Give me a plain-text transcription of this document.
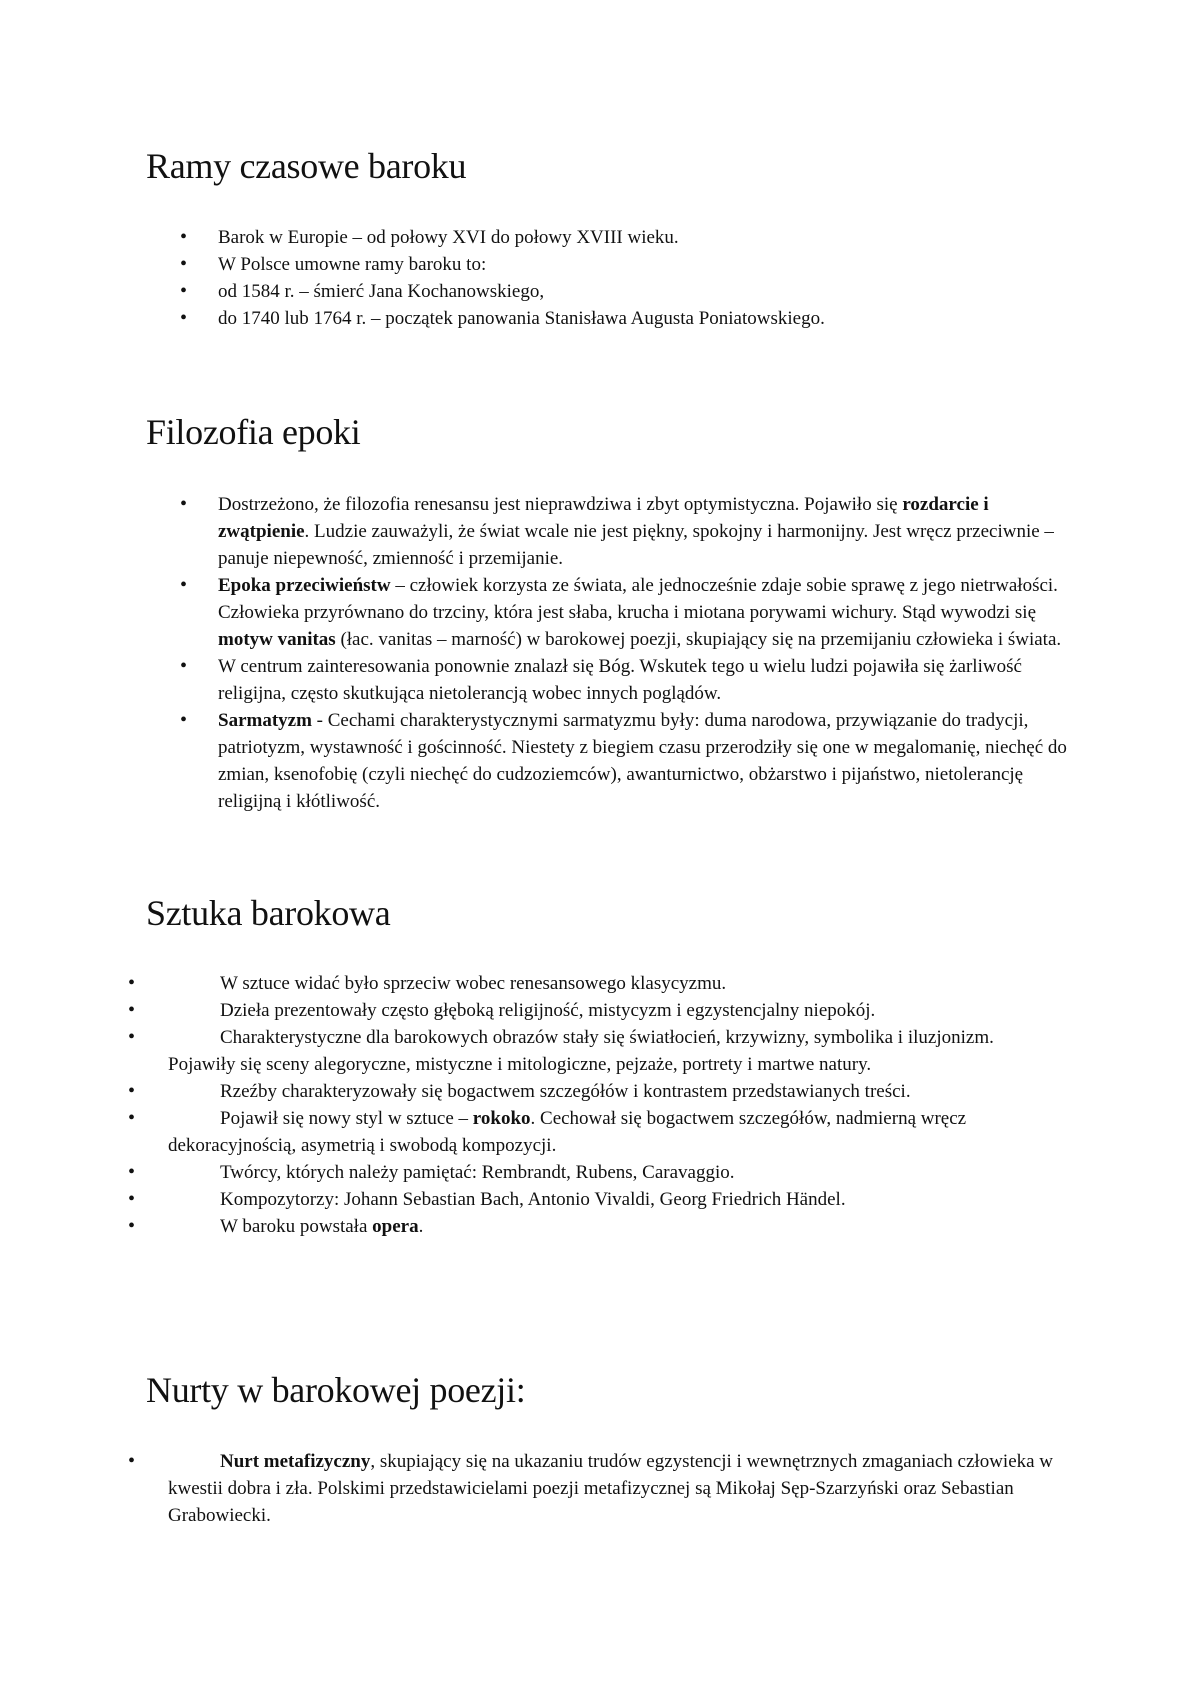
Ramy czasowe baroku
• Barok w Europie – od połowy XVI do połowy XVIII wieku.
• W Polsce umowne ramy baroku to:
• od 1584 r. – śmierć Jana Kochanowskiego,
• do 1740 lub 1764 r. – początek panowania Stanisława Augusta Poniatowskiego.
Filozofia epoki
• Dostrzeżono, że filozofia renesansu jest nieprawdziwa i zbyt optymistyczna. Pojawiło się rozdarcie i zwątpienie. Ludzie zauważyli, że świat wcale nie jest piękny, spokojny i harmonijny. Jest wręcz przeciwnie – panuje niepewność, zmienność i przemijanie.
• Epoka przeciwieństw – człowiek korzysta ze świata, ale jednocześnie zdaje sobie sprawę z jego nietrwałości. Człowieka przyrównano do trzciny, która jest słaba, krucha i miotana porywami wichury. Stąd wywodzi się motyw vanitas (łac. vanitas – marność) w barokowej poezji, skupiający się na przemijaniu człowieka i świata.
• W centrum zainteresowania ponownie znalazł się Bóg. Wskutek tego u wielu ludzi pojawiła się żarliwość religijna, często skutkująca nietolerancją wobec innych poglądów.
• Sarmatyzm - Cechami charakterystycznymi sarmatyzmu były: duma narodowa, przywiązanie do tradycji, patriotyzm, wystawność i gościnność. Niestety z biegiem czasu przerodziły się one w megalomanię, niechęć do zmian, ksenofobię (czyli niechęć do cudzoziemców), awanturnictwo, obżarstwo i pijaństwo, nietolerancję religijną i kłótliwość.
Sztuka barokowa
• W sztuce widać było sprzeciw wobec renesansowego klasycyzmu.
• Dzieła prezentowały często głęboką religijność, mistycyzm i egzystencjalny niepokój.
• Charakterystyczne dla barokowych obrazów stały się światłocień, krzywizny, symbolika i iluzjonizm. Pojawiły się sceny alegoryczne, mistyczne i mitologiczne, pejzaże, portrety i martwe natury.
• Rzeźby charakteryzowały się bogactwem szczegółów i kontrastem przedstawianych treści.
• Pojawił się nowy styl w sztuce – rokoko. Cechował się bogactwem szczegółów, nadmierną wręcz dekoracyjnością, asymetrią i swobodą kompozycji.
• Twórcy, których należy pamiętać: Rembrandt, Rubens, Caravaggio.
• Kompozytorzy: Johann Sebastian Bach, Antonio Vivaldi, Georg Friedrich Händel.
• W baroku powstała opera.
Nurty w barokowej poezji:
• Nurt metafizyczny, skupiający się na ukazaniu trudów egzystencji i wewnętrznych zmaganiach człowieka w kwestii dobra i zła. Polskimi przedstawicielami poezji metafizycznej są Mikołaj Sęp-Szarzyński oraz Sebastian Grabowiecki.
